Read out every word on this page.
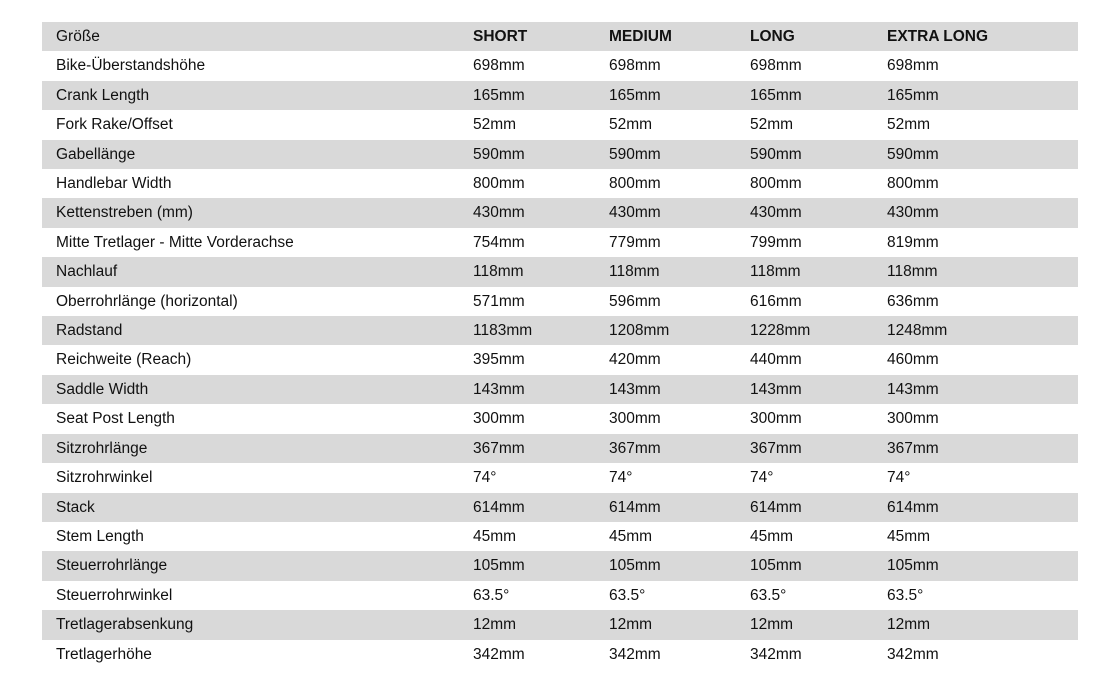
Größe	SHORT	MEDIUM	LONG	EXTRA LONG
Bike-Überstandshöhe	698mm	698mm	698mm	698mm
Crank Length	165mm	165mm	165mm	165mm
Fork Rake/Offset	52mm	52mm	52mm	52mm
Gabellänge	590mm	590mm	590mm	590mm
Handlebar Width	800mm	800mm	800mm	800mm
Kettenstreben (mm)	430mm	430mm	430mm	430mm
Mitte Tretlager - Mitte Vorderachse	754mm	779mm	799mm	819mm
Nachlauf	118mm	118mm	118mm	118mm
Oberrohrlänge (horizontal)	571mm	596mm	616mm	636mm
Radstand	1183mm	1208mm	1228mm	1248mm
Reichweite (Reach)	395mm	420mm	440mm	460mm
Saddle Width	143mm	143mm	143mm	143mm
Seat Post Length	300mm	300mm	300mm	300mm
Sitzrohrlänge	367mm	367mm	367mm	367mm
Sitzrohrwinkel	74°	74°	74°	74°
Stack	614mm	614mm	614mm	614mm
Stem Length	45mm	45mm	45mm	45mm
Steuerrohrlänge	105mm	105mm	105mm	105mm
Steuerrohrwinkel	63.5°	63.5°	63.5°	63.5°
Tretlagerabsenkung	12mm	12mm	12mm	12mm
Tretlagerhöhe	342mm	342mm	342mm	342mm
